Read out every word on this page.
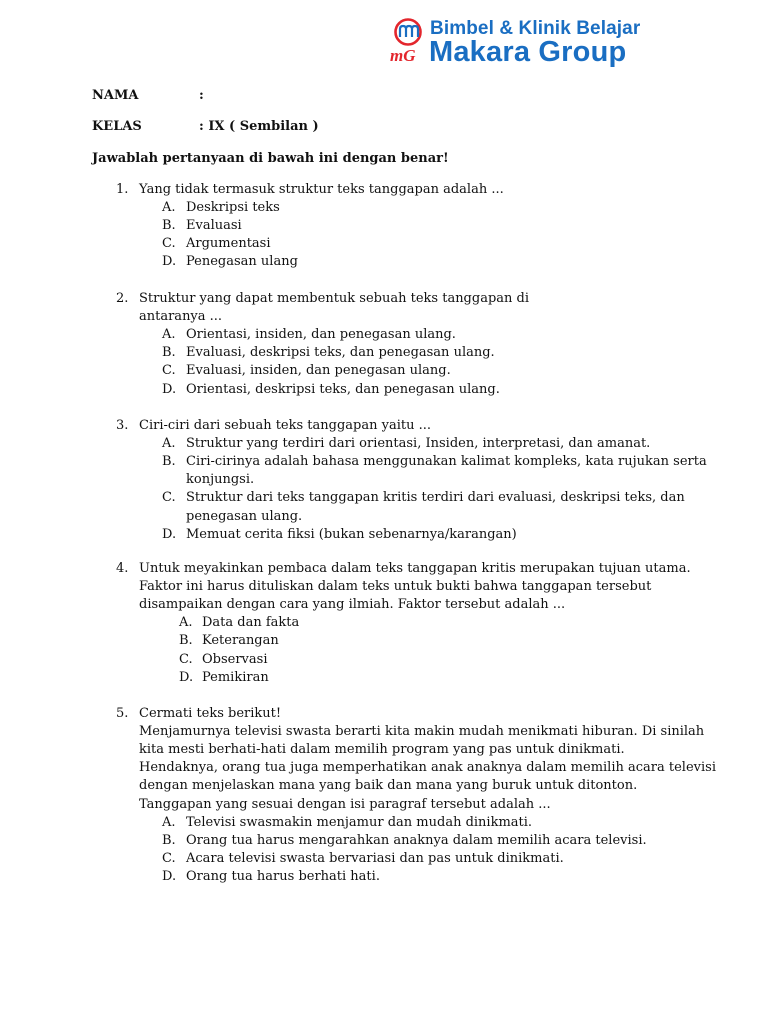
mG
Bimbel & Klinik Belajar
Makara Group
NAMA	:
KELAS	: IX ( Sembilan )
Jawablah pertanyaan di bawah ini dengan benar!
1. Yang tidak termasuk struktur teks tanggapan adalah ...
A. Deskripsi teks
B. Evaluasi
C. Argumentasi
D. Penegasan ulang
2. Struktur yang dapat membentuk sebuah teks tanggapan di
antaranya ...
A. Orientasi, insiden, dan penegasan ulang.
B. Evaluasi, deskripsi teks, dan penegasan ulang.
C. Evaluasi, insiden, dan penegasan ulang.
D. Orientasi, deskripsi teks, dan penegasan ulang.
3. Ciri-ciri dari sebuah teks tanggapan yaitu ...
A. Struktur yang terdiri dari orientasi, Insiden, interpretasi, dan amanat.
B. Ciri-cirinya adalah bahasa menggunakan kalimat kompleks, kata rujukan serta
konjungsi.
C. Struktur dari teks tanggapan kritis terdiri dari evaluasi, deskripsi teks, dan
penegasan ulang.
D. Memuat cerita fiksi (bukan sebenarnya/karangan)
4. Untuk meyakinkan pembaca dalam teks tanggapan kritis merupakan tujuan utama.
Faktor ini harus dituliskan dalam teks untuk bukti bahwa tanggapan tersebut
disampaikan dengan cara yang ilmiah. Faktor tersebut adalah ...
A. Data dan fakta
B. Keterangan
C. Observasi
D. Pemikiran
5. Cermati teks berikut!
Menjamurnya televisi swasta berarti kita makin mudah menikmati hiburan. Di sinilah
kita mesti berhati-hati dalam memilih program yang pas untuk dinikmati.
Hendaknya, orang tua juga memperhatikan anak anaknya dalam memilih acara televisi
dengan menjelaskan mana yang baik dan mana yang buruk untuk ditonton.
Tanggapan yang sesuai dengan isi paragraf tersebut adalah ...
A. Televisi swasmakin menjamur dan mudah dinikmati.
B. Orang tua harus mengarahkan anaknya dalam memilih acara televisi.
C. Acara televisi swasta bervariasi dan pas untuk dinikmati.
D. Orang tua harus berhati hati.
